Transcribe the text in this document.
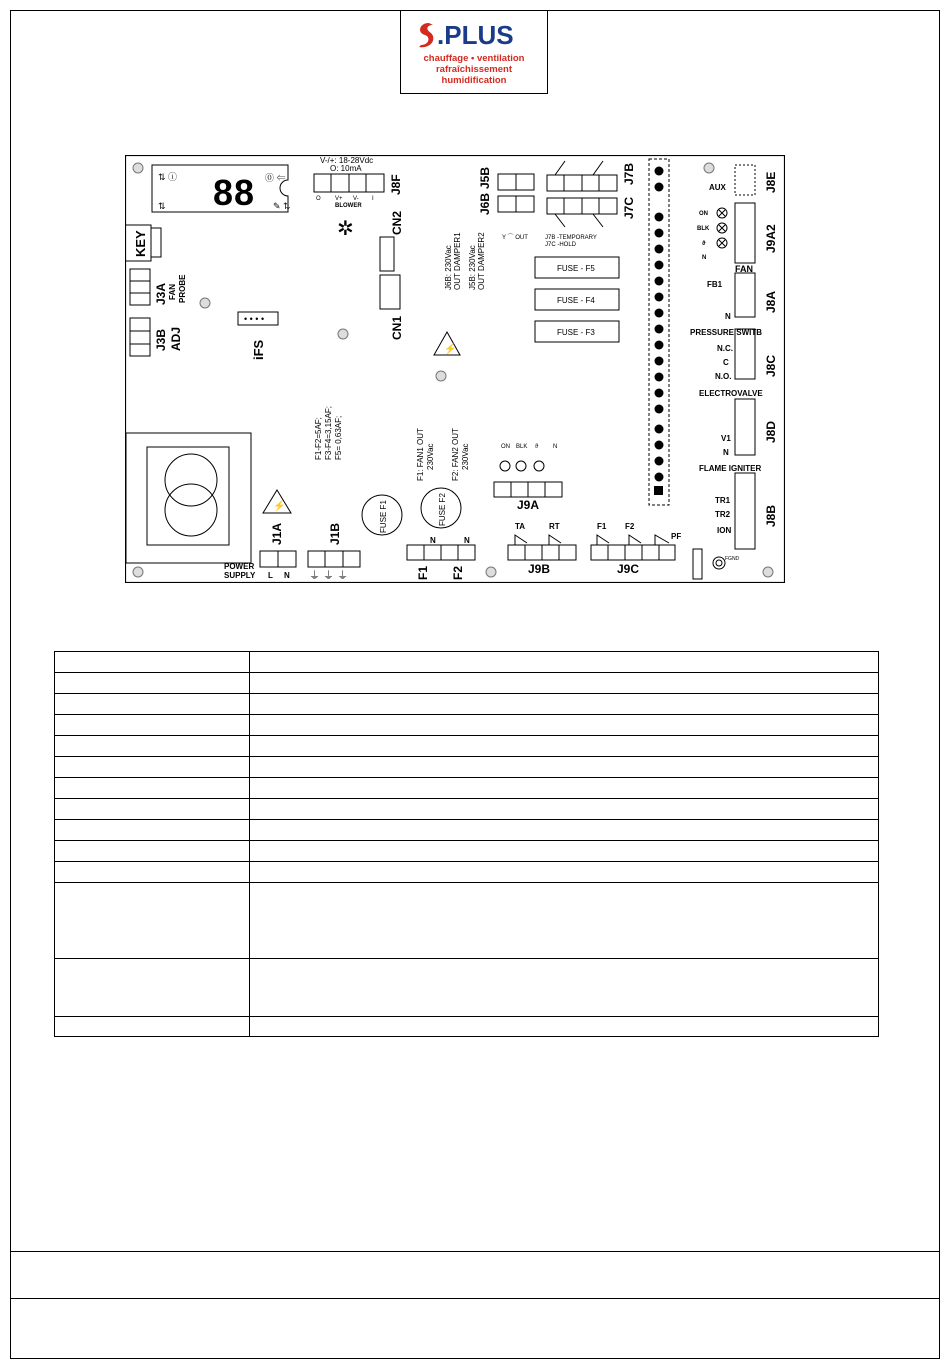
.PLUS
chauffage • ventilation
rafraîchissement
humidification
88
⇅ ⓘ
⇅
⓪ ⇐
✎ ⇅
KEY
J3A FAN PROBE
J3B ADJ
• • • •
iFS
V-/+: 18-28Vdc
O: 10mA
O V+ V- I
BLOWER
J8F
✲	CN2
CN1
J6B: 230Vac OUT DAMPER1 J5B: 230Vac OUT DAMPER2
⚡
J5B
J6B
J7B
J7C
Y ⌒ OUT	J7B -TEMPORARY
J7C -HOLD
FUSE - F5
FUSE - F4
FUSE - F3
AUX	J8E
ON
BLK
ϑ
N
J9A2
FAN
FB1
N
J8A
PRESSURE SWITB
N.C.
C
N.O.	J8C
ELECTROVALVE
V1
N
J8D
FLAME IGNITER
TR1
TR2
ION
J8B
⚡
J1A	J1B
POWER
SUPPLY L N ⏚ ⏚ ⏚
F1-F2=5AF; F3-F4=3,15AF; F5= 0,63AF;	F1: FAN1 OUT 230Vac F2: FAN2 OUT 230Vac
FUSE F1	FUSE F2
ON BLK ϑ N
J9A
N	N
F1 F2
TA	RT
J9B
F1 F2
PF
J9C
FGND
